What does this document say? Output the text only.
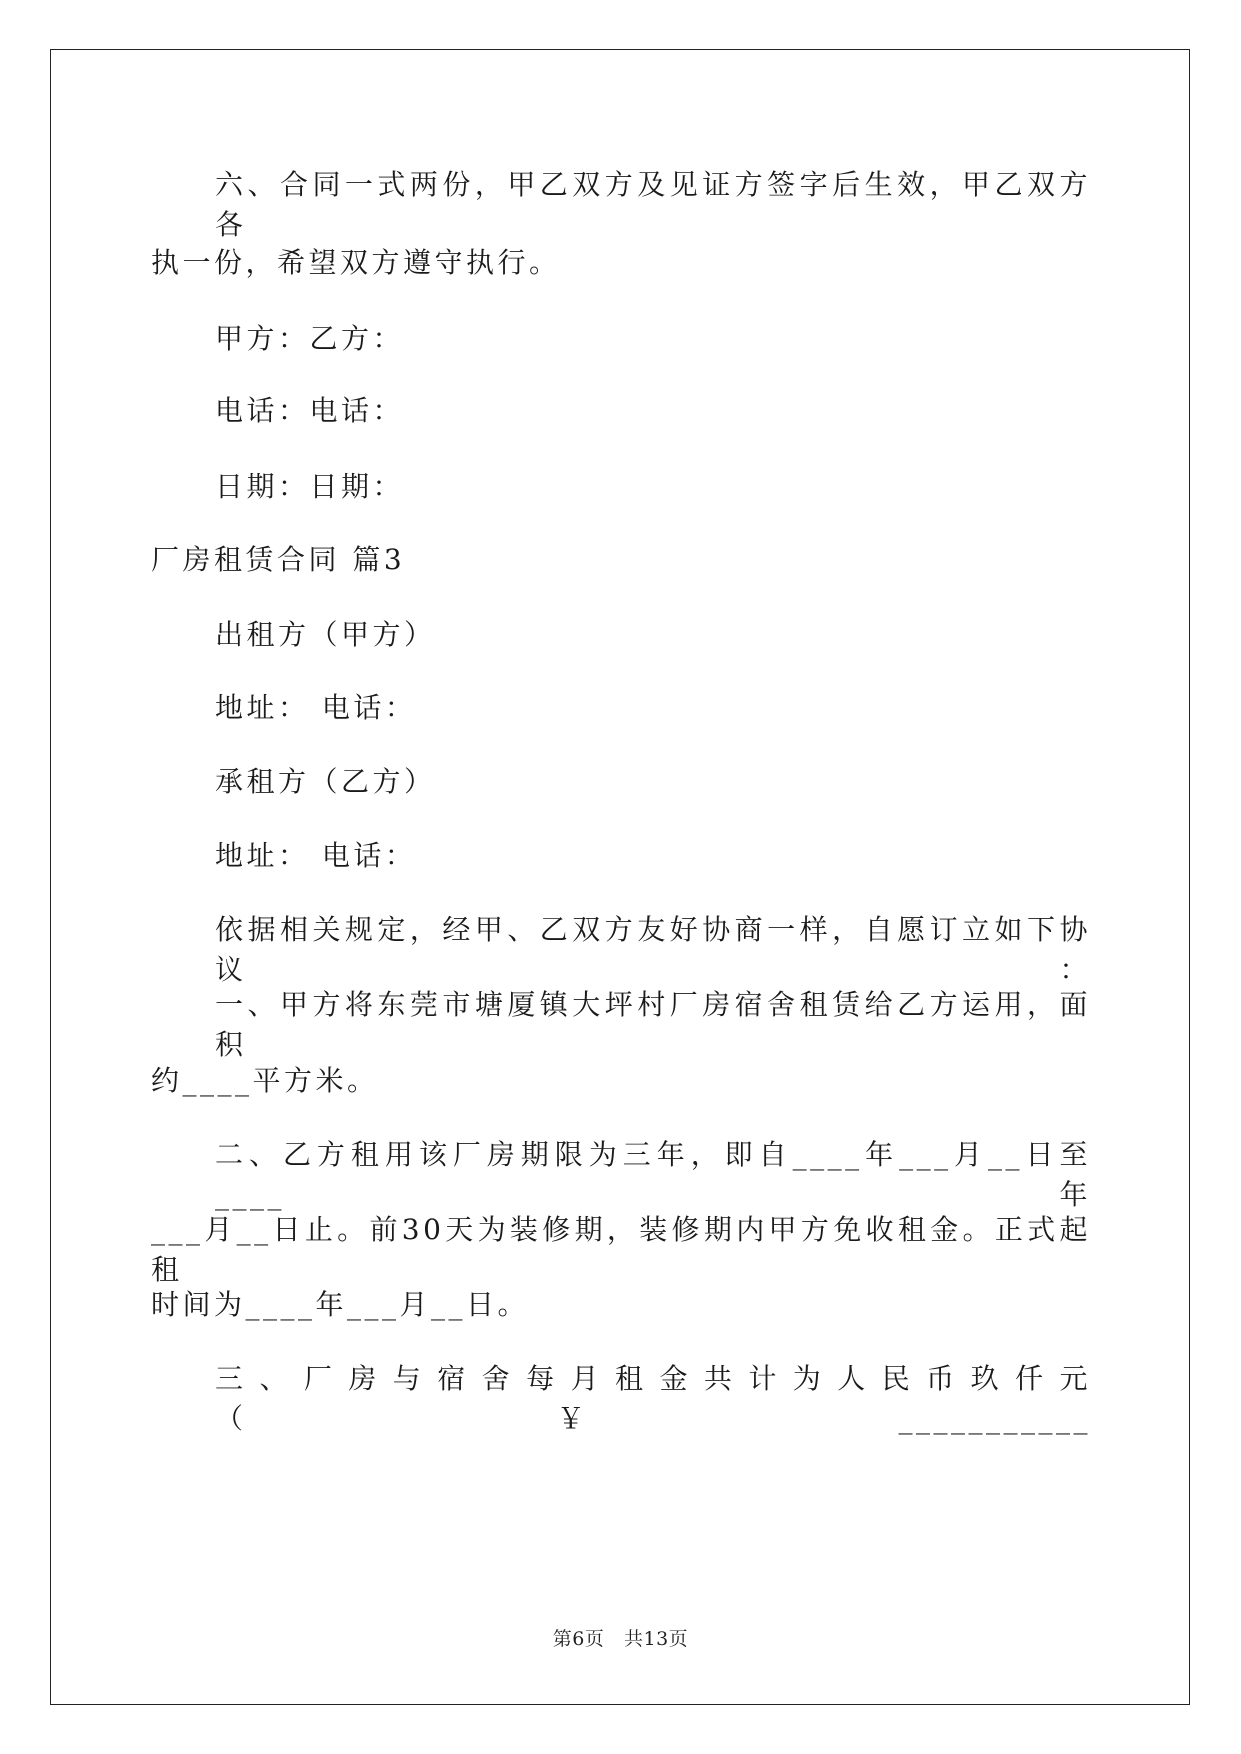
六、合同一式两份，甲乙双方及见证方签字后生效，甲乙双方各
执一份，希望双方遵守执行。
甲方：乙方：
电话：电话：
日期：日期：
厂房租赁合同 篇3
出租方（甲方）
地址： 电话：
承租方（乙方）
地址： 电话：
依据相关规定，经甲、乙双方友好协商一样，自愿订立如下协议：
一、甲方将东莞市塘厦镇大坪村厂房宿舍租赁给乙方运用，面积
约____平方米。
二、乙方租用该厂房期限为三年，即自____年___月__日至____年
___月__日止。前30天为装修期，装修期内甲方免收租金。正式起租
时间为____年___月__日。
三、厂房与宿舍每月租金共计为人民币玖仟元（￥___________
第6页   共13页
